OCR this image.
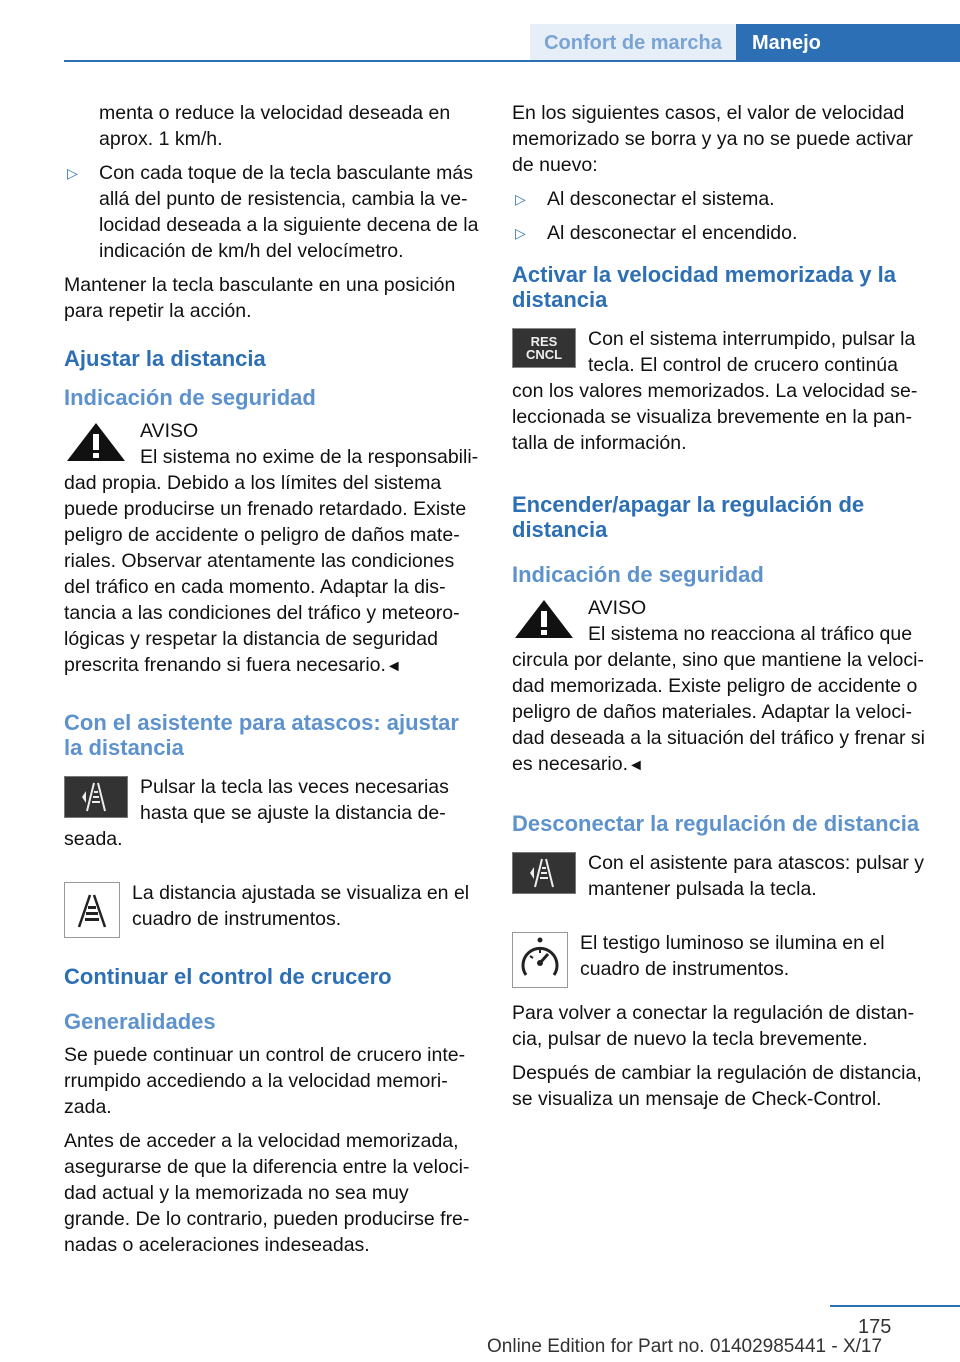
Confort de marcha	Manejo

menta o reduce la velocidad deseada en aprox. 1 km/h.

▷ Con cada toque de la tecla basculante más allá del punto de resistencia, cambia la velocidad deseada a la siguiente decena de la indicación de km/h del velocímetro.

Mantener la tecla basculante en una posición para repetir la acción.

Ajustar la distancia
Indicación de seguridad

AVISO

El sistema no exime de la responsabilidad propia. Debido a los límites del sistema puede producirse un frenado retardado. Existe peligro de accidente o peligro de daños materiales. Observar atentamente las condiciones del tráfico en cada momento. Adaptar la distancia a las condiciones del tráfico y meteorológicas y respetar la distancia de seguridad prescrita frenando si fuera necesario.◄

Con el asistente para atascos: ajustar la distancia

Pulsar la tecla las veces necesarias hasta que se ajuste la distancia deseada.

La distancia ajustada se visualiza en el cuadro de instrumentos.

Continuar el control de crucero
Generalidades

Se puede continuar un control de crucero interrumpido accediendo a la velocidad memorizada.

Antes de acceder a la velocidad memorizada, asegurarse de que la diferencia entre la velocidad actual y la memorizada no sea muy grande. De lo contrario, pueden producirse frenadas o aceleraciones indeseadas.

En los siguientes casos, el valor de velocidad memorizado se borra y ya no se puede activar de nuevo:

▷ Al desconectar el sistema.
▷ Al desconectar el encendido.
Activar la velocidad memorizada y la distancia
RES
CNCL

Con el sistema interrumpido, pulsar la tecla. El control de crucero continúa con los valores memorizados. La velocidad seleccionada se visualiza brevemente en la pantalla de información.

Encender/apagar la regulación de distancia
Indicación de seguridad

AVISO

El sistema no reacciona al tráfico que circula por delante, sino que mantiene la velocidad memorizada. Existe peligro de accidente o peligro de daños materiales. Adaptar la velocidad deseada a la situación del tráfico y frenar si es necesario.◄

Desconectar la regulación de distancia

Con el asistente para atascos: pulsar y mantener pulsada la tecla.

El testigo luminoso se ilumina en el cuadro de instrumentos.

Para volver a conectar la regulación de distancia, pulsar de nuevo la tecla brevemente.

Después de cambiar la regulación de distancia, se visualiza un mensaje de Check-Control.

175
Online Edition for Part no. 01402985441 - X/17
